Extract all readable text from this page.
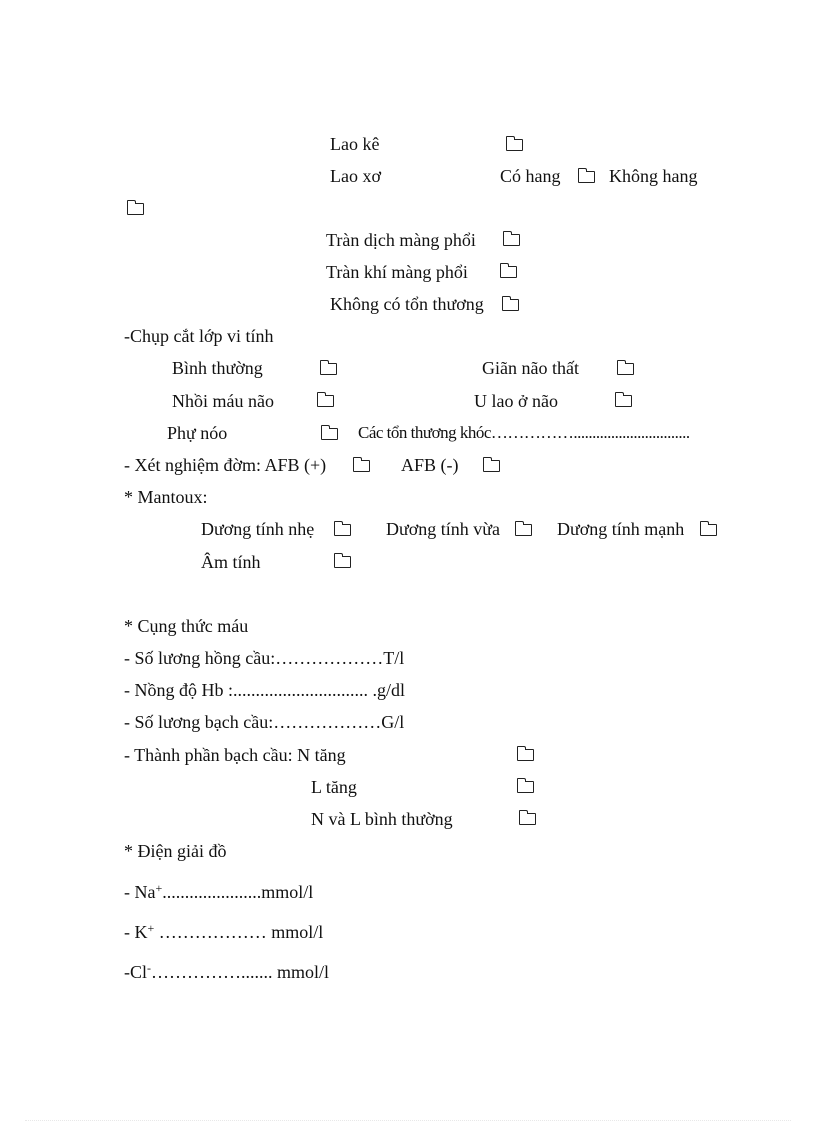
Lao kê
Lao xơ	Có hang	Không hang
Tràn dịch màng phổi
Tràn khí màng phổi
Không có tổn thương
-Chụp cắt lớp vi tính
Bình thường	Giãn não thất
Nhồi máu não	U lao ở não
Phự nóo	Các tổn thương khóc……………...............................
- Xét nghiệm đờm: AFB (+)	AFB (-)
* Mantoux:
Dương tính nhẹ	Dương tính vừa	Dương tính mạnh
Âm tính
* Cụng thức máu
- Số lương hồng cầu:………………T/l
- Nồng độ Hb :.............................. .g/dl
- Số lương bạch cầu:………………G/l
- Thành phần bạch cầu: N tăng
L tăng
N và L bình thường
* Điện giải đồ
- Na+......................mmol/l
- K+ ……………… mmol/l
-Cl-……………....... mmol/l
